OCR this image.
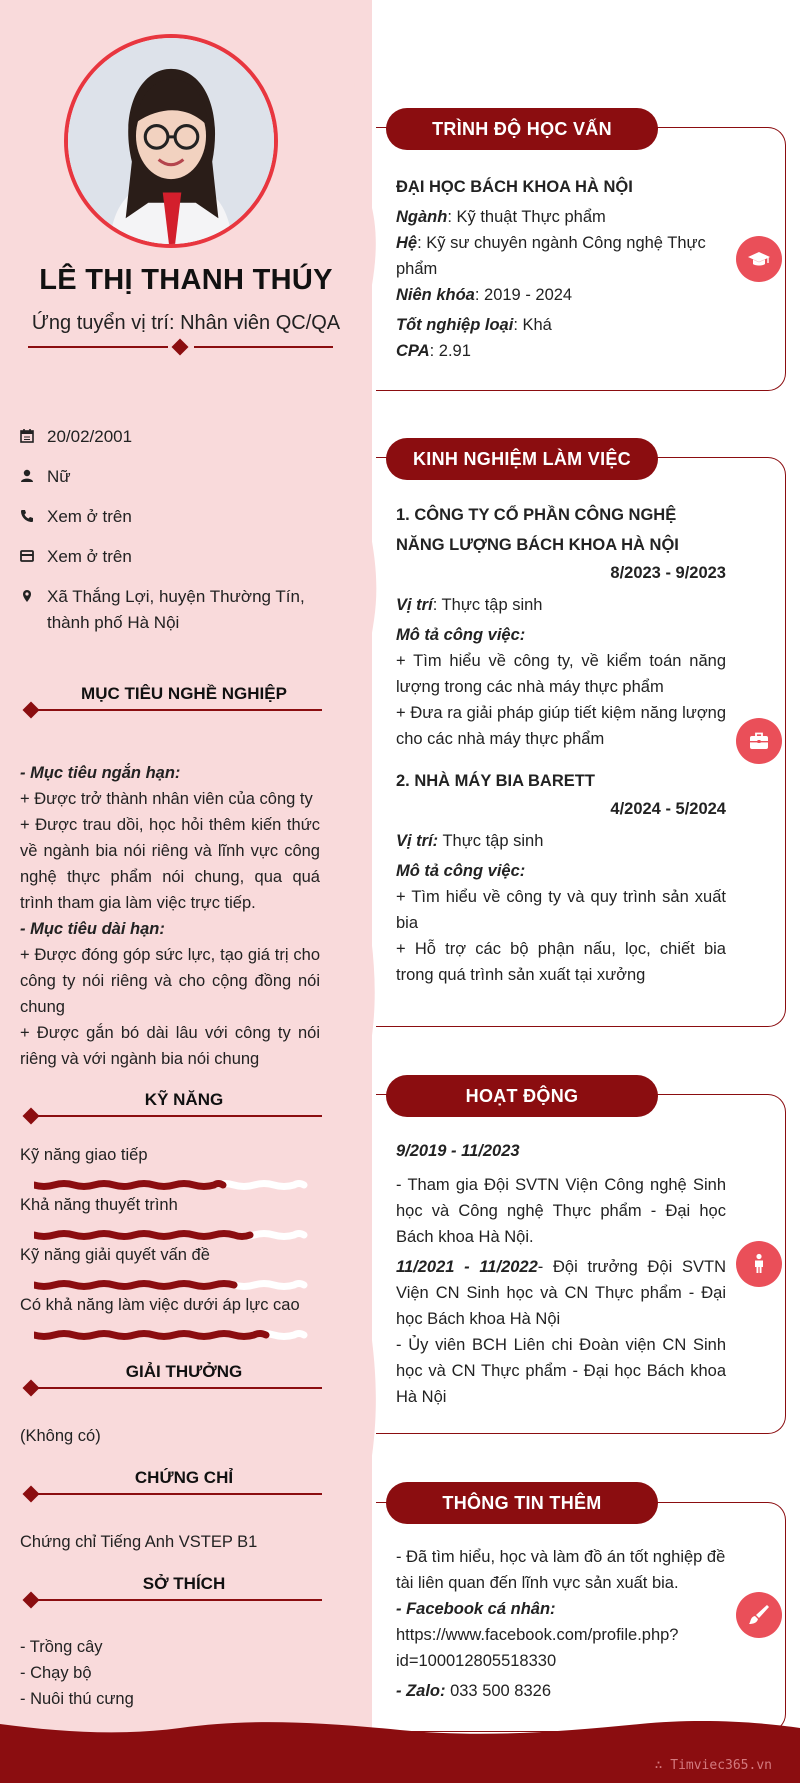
LÊ THỊ THANH THÚY
Ứng tuyển vị trí: Nhân viên QC/QA
20/02/2001
Nữ
Xem ở trên
Xem ở trên
Xã Thắng Lợi, huyện Thường Tín,
thành phố Hà Nội
MỤC TIÊU NGHỀ NGHIỆP
- Mục tiêu ngắn hạn:
+ Được trở thành nhân viên của công ty
+ Được trau dồi, học hỏi thêm kiến thức về ngành bia nói riêng và lĩnh vực công nghệ thực phẩm nói chung, qua quá trình tham gia làm việc trực tiếp.
- Mục tiêu dài hạn:
+ Được đóng góp sức lực, tạo giá trị cho công ty nói riêng và cho cộng đồng nói chung
+ Được gắn bó dài lâu với công ty nói riêng và với ngành bia nói chung
KỸ NĂNG
Kỹ năng giao tiếp
Khả năng thuyết trình
Kỹ năng giải quyết vấn đề
Có khả năng làm việc dưới áp lực cao
GIẢI THƯỞNG
(Không có)
CHỨNG CHỈ
Chứng chỉ Tiếng Anh VSTEP B1
SỞ THÍCH
- Trồng cây
- Chạy bộ
- Nuôi thú cưng
TRÌNH ĐỘ HỌC VẤN
ĐẠI HỌC BÁCH KHOA HÀ NỘI
Ngành: Kỹ thuật Thực phẩm
Hệ: Kỹ sư chuyên ngành Công nghệ Thực phẩm
Niên khóa: 2019 - 2024
Tốt nghiệp loại: Khá
CPA: 2.91
KINH NGHIỆM LÀM VIỆC
1. CÔNG TY CỔ PHẦN CÔNG NGHỆ NĂNG LƯỢNG BÁCH KHOA HÀ NỘI
8/2023 - 9/2023
Vị trí: Thực tập sinh
Mô tả công việc:
+ Tìm hiểu về công ty, về kiểm toán năng lượng trong các nhà máy thực phẩm
+ Đưa ra giải pháp giúp tiết kiệm năng lượng cho các nhà máy thực phẩm
2. NHÀ MÁY BIA BARETT
4/2024 - 5/2024
Vị trí: Thực tập sinh
Mô tả công việc:
+ Tìm hiểu về công ty và quy trình sản xuất bia
+ Hỗ trợ các bộ phận nấu, lọc, chiết bia trong quá trình sản xuất tại xưởng
HOẠT ĐỘNG
9/2019 - 11/2023
- Tham gia Đội SVTN Viện Công nghệ Sinh học và Công nghệ Thực phẩm - Đại học Bách khoa Hà Nội.
11/2021 - 11/2022- Đội trưởng Đội SVTN Viện CN Sinh học và CN Thực phẩm - Đại học Bách khoa Hà Nội
- Ủy viên BCH Liên chi Đoàn viện CN Sinh học và CN Thực phẩm - Đại học Bách khoa Hà Nội
THÔNG TIN THÊM
- Đã tìm hiểu, học và làm đồ án tốt nghiệp đề tài liên quan đến lĩnh vực sản xuất bia.
- Facebook cá nhân:
https://www.facebook.com/profile.php?
id=100012805518330
- Zalo: 033 500 8326
∴ Timviec365.vn
